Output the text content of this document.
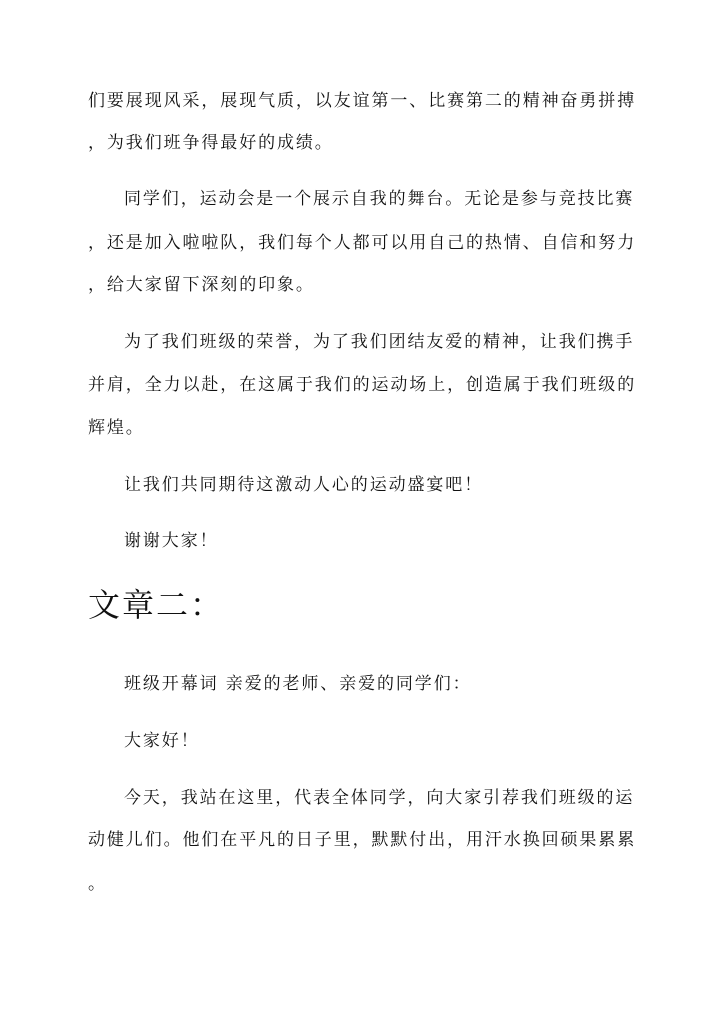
们要展现风采，展现气质，以友谊第一、比赛第二的精神奋勇拼搏
，为我们班争得最好的成绩。
同学们，运动会是一个展示自我的舞台。无论是参与竞技比赛
，还是加入啦啦队，我们每个人都可以用自己的热情、自信和努力
，给大家留下深刻的印象。
为了我们班级的荣誉，为了我们团结友爱的精神，让我们携手
并肩，全力以赴，在这属于我们的运动场上，创造属于我们班级的
辉煌。
让我们共同期待这激动人心的运动盛宴吧！
谢谢大家！
文章二：
班级开幕词 亲爱的老师、亲爱的同学们：
大家好！
今天，我站在这里，代表全体同学，向大家引荐我们班级的运
动健儿们。他们在平凡的日子里，默默付出，用汗水换回硕果累累
。
